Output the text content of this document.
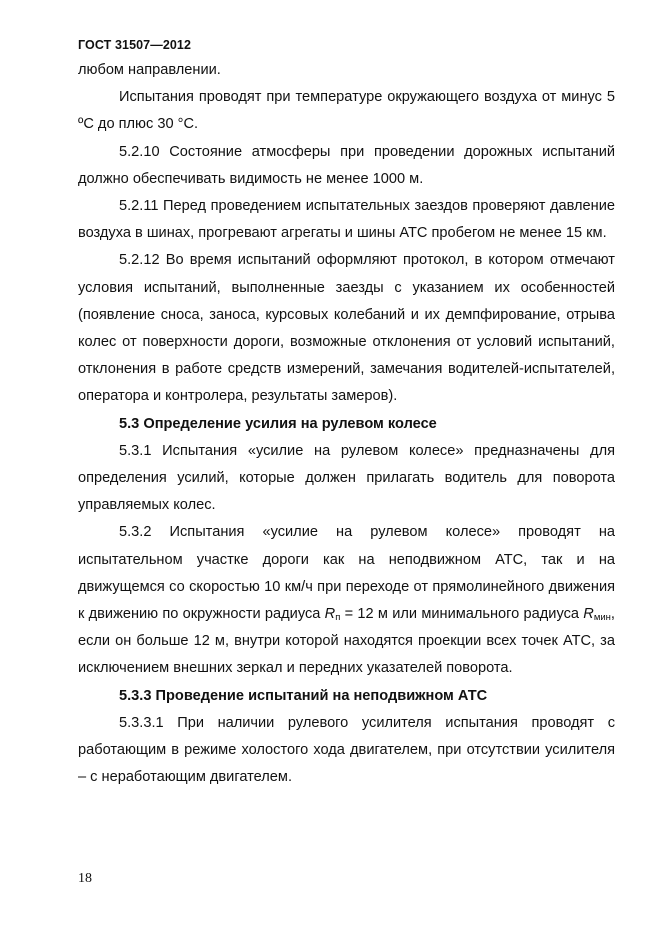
ГОСТ 31507—2012

любом направлении.

Испытания проводят при температуре окружающего воздуха от минус 5 ºС до плюс 30 °С.

5.2.10 Состояние атмосферы при проведении дорожных испытаний должно обеспечивать видимость не менее 1000 м.

5.2.11 Перед проведением испытательных заездов проверяют давление воздуха в шинах, прогревают агрегаты и шины АТС пробегом не менее 15 км.

5.2.12 Во время испытаний оформляют протокол, в котором отмечают условия испытаний, выполненные заезды с указанием их особенностей (появление сноса, заноса, курсовых колебаний и их демпфирование, отрыва колес от поверхности дороги, возможные отклонения от условий испытаний, отклонения в работе средств измерений, замечания водителей-испытателей, оператора и контролера, результаты замеров).

5.3 Определение усилия на рулевом колесе

5.3.1 Испытания «усилие на рулевом колесе» предназначены для определения усилий, которые должен прилагать водитель для поворота управляемых колес.

5.3.2 Испытания «усилие на рулевом колесе» проводят на испытательном участке дороги как на неподвижном АТС, так и на движущемся со скоростью 10 км/ч при переходе от прямолинейного движения к движению по окружности радиуса $R_п = 12$ м или минимального радиуса $R_{мин}$, если он больше 12 м, внутри которой находятся проекции всех точек АТС, за исключением внешних зеркал и передних указателей поворота.

5.3.3 Проведение испытаний на неподвижном АТС

5.3.3.1 При наличии рулевого усилителя испытания проводят с работающим в режиме холостого хода двигателем, при отсутствии усилителя – с неработающим двигателем.

18
